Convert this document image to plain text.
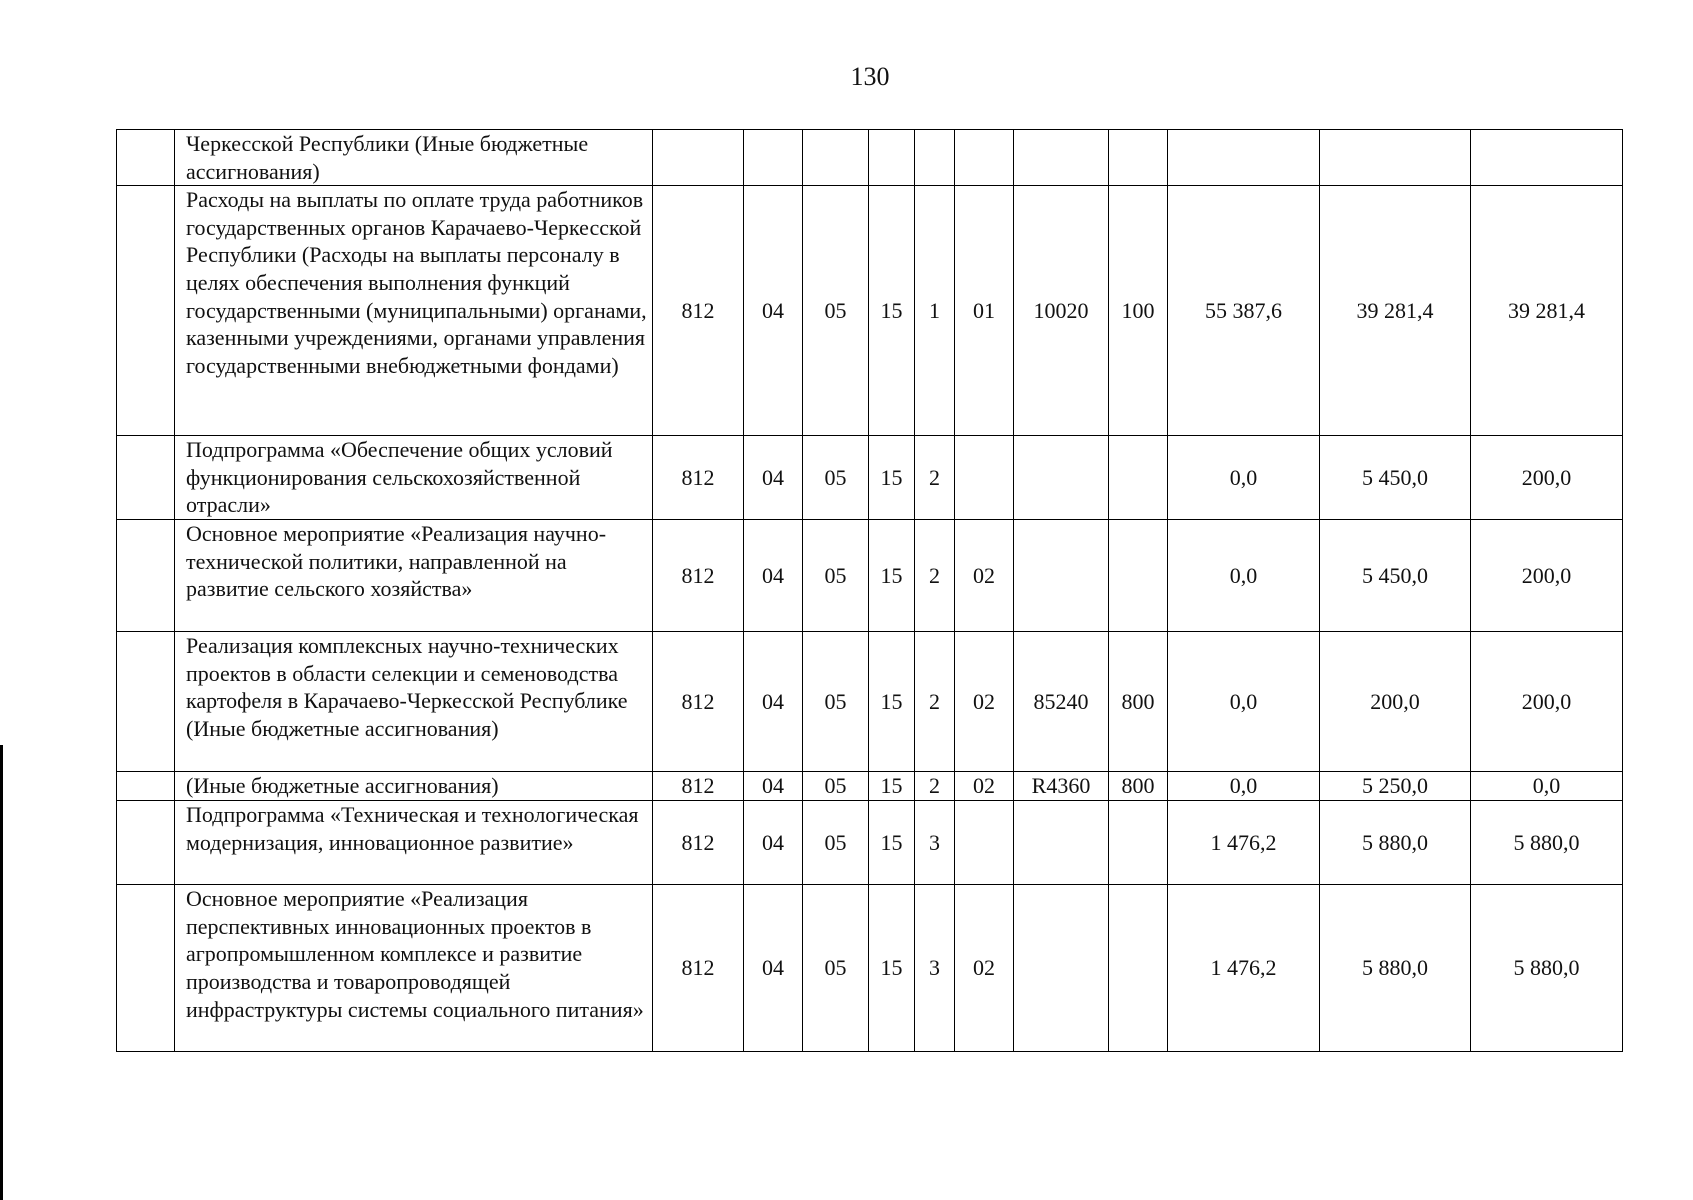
130
	Черкесской Республики (Иные бюджетные ассигнования)											
	Расходы на выплаты по оплате труда работников государственных органов Карачаево-Черкесской Республики (Расходы на выплаты персоналу в целях обеспечения выполнения функций государственными (муниципальными) органами, казенными учреждениями, органами управления государственными внебюджетными фондами)	812	04	05	15	1	01	10020	100	55 387,6	39 281,4	39 281,4
	Подпрограмма «Обеспечение общих условий функционирования сельскохозяйственной отрасли»	812	04	05	15	2				0,0	5 450,0	200,0
	Основное мероприятие «Реализация научно-технической политики, направленной на развитие сельского хозяйства»	812	04	05	15	2	02			0,0	5 450,0	200,0
	Реализация комплексных научно-технических проектов в области селекции и семеноводства картофеля в Карачаево-Черкесской Республике (Иные бюджетные ассигнования)	812	04	05	15	2	02	85240	800	0,0	200,0	200,0
	(Иные бюджетные ассигнования)	812	04	05	15	2	02	R4360	800	0,0	5 250,0	0,0
	Подпрограмма «Техническая и технологическая модернизация, инновационное развитие»	812	04	05	15	3				1 476,2	5 880,0	5 880,0
	Основное мероприятие «Реализация перспективных инновационных проектов в агропромышленном комплексе и развитие производства и товаропроводящей инфраструктуры системы социального питания»	812	04	05	15	3	02			1 476,2	5 880,0	5 880,0
